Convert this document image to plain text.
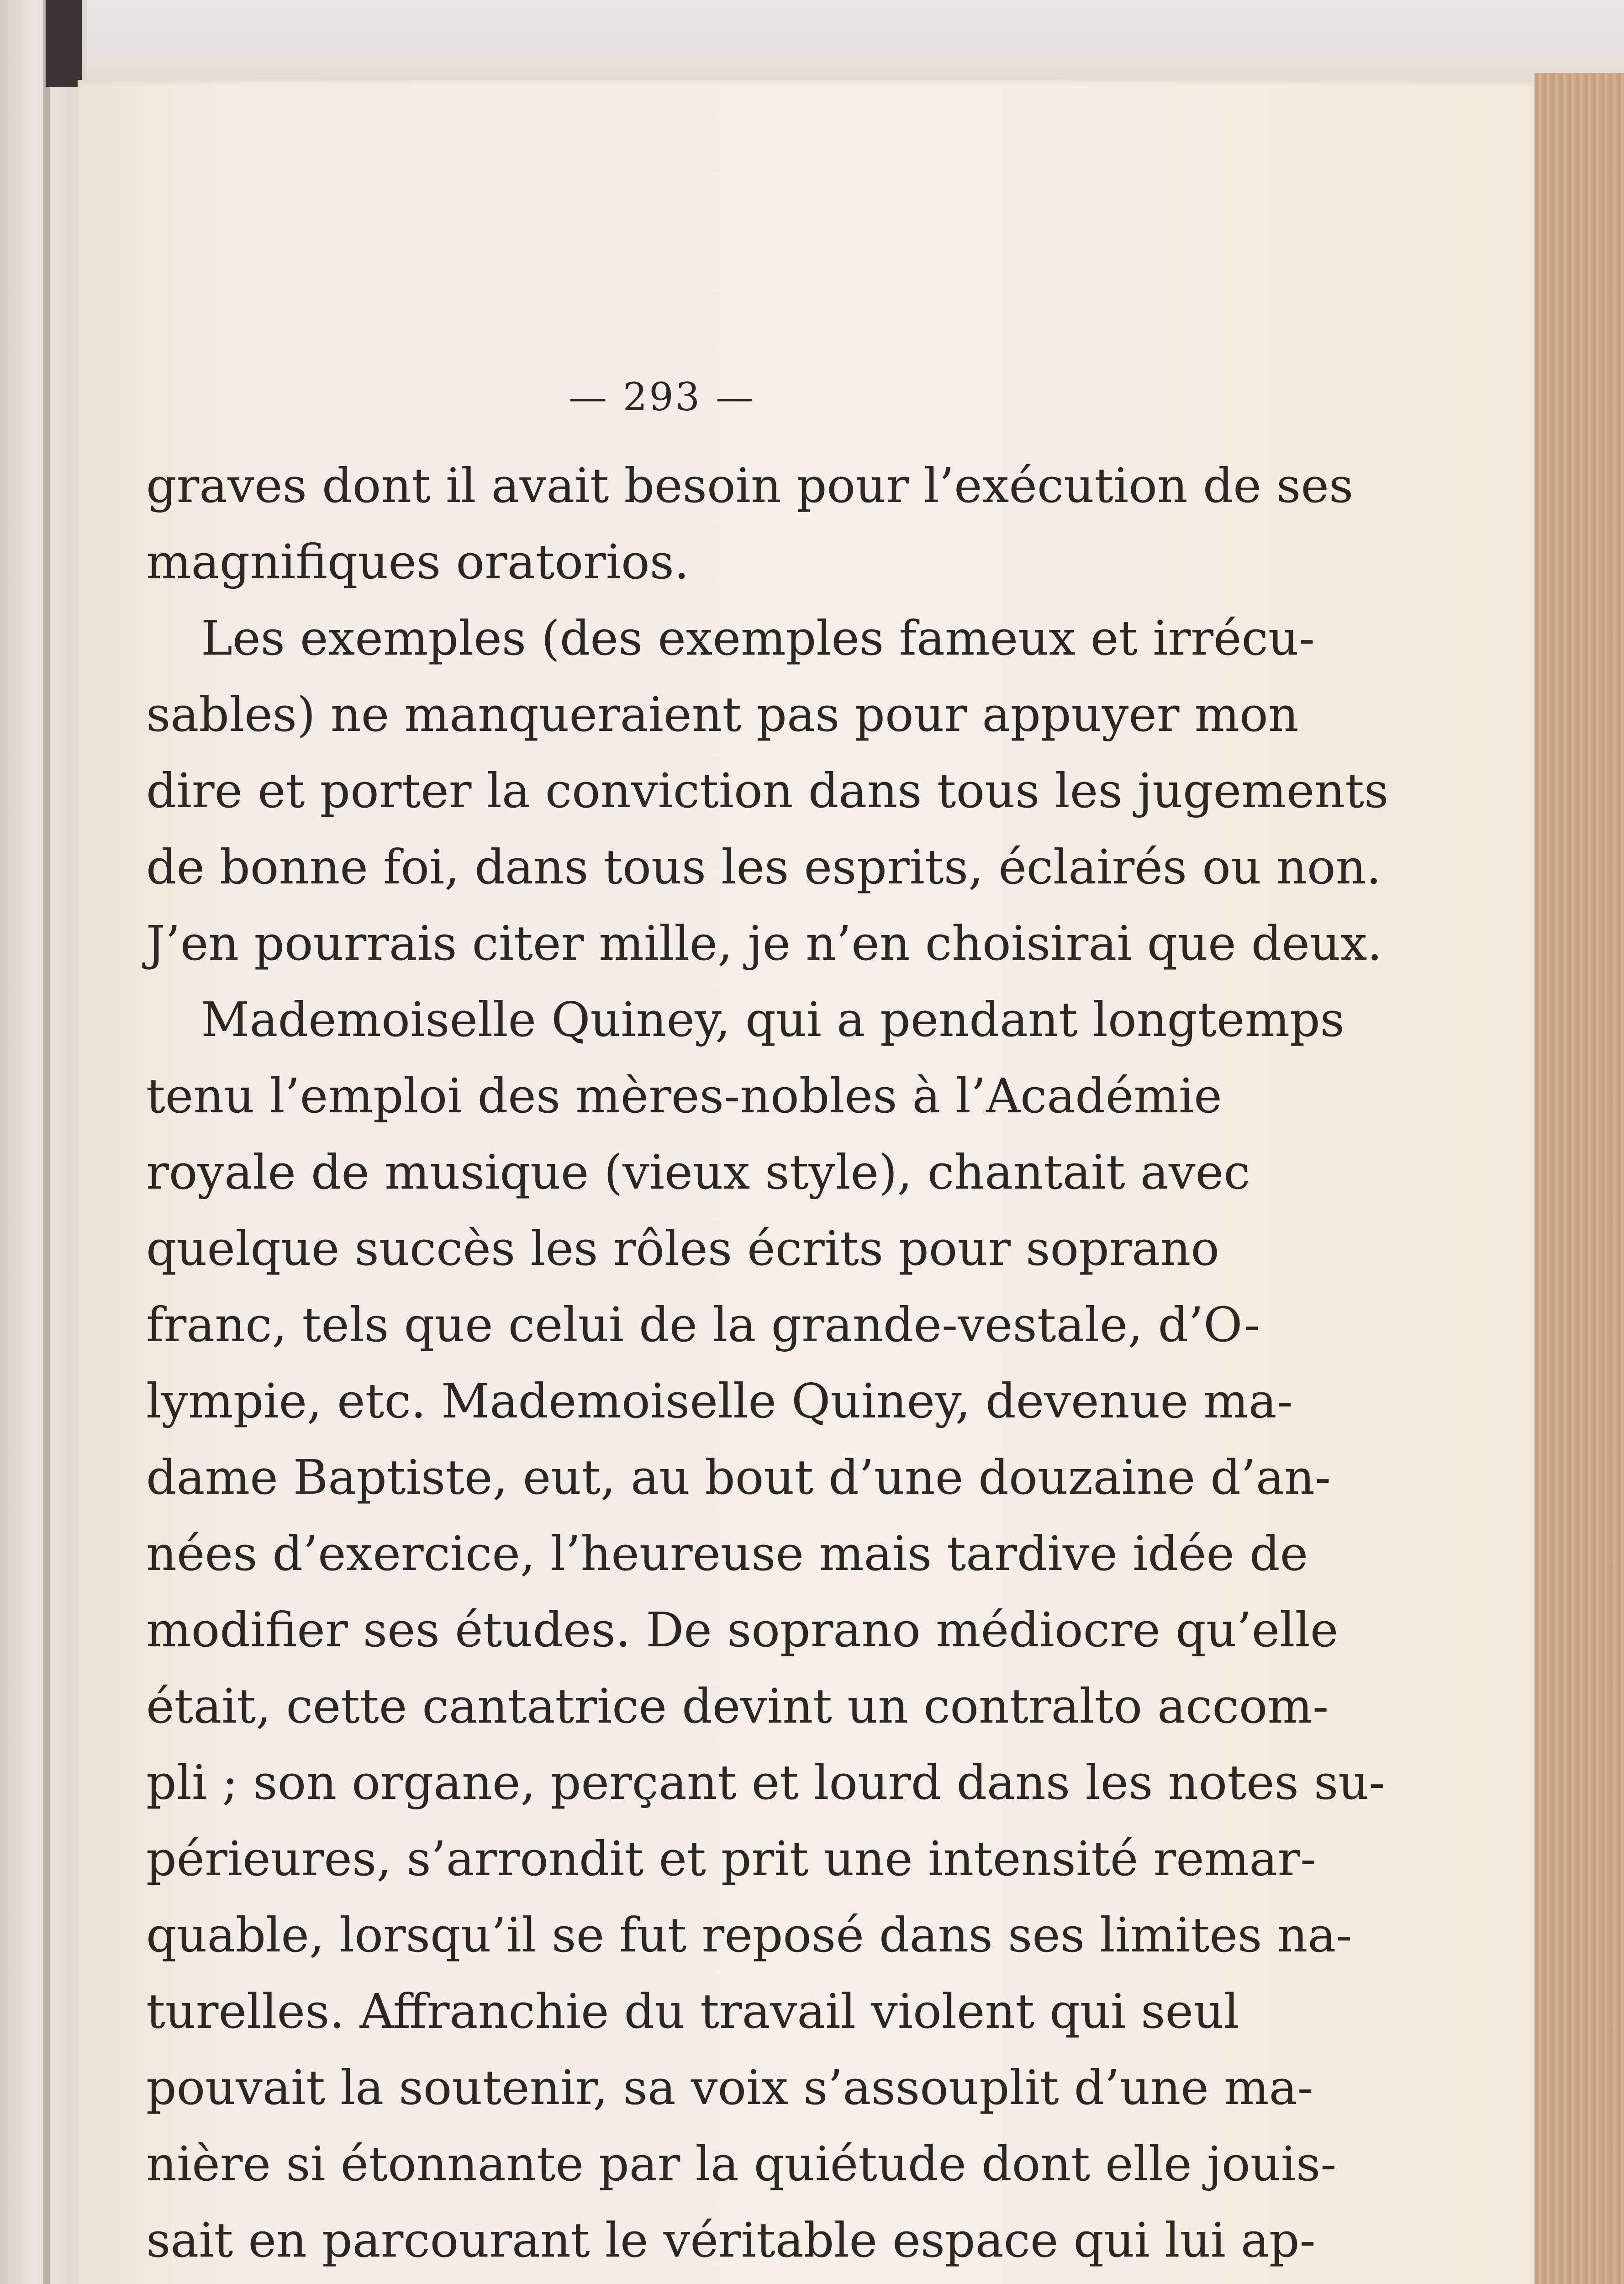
— 293 —
graves dont il avait besoin pour l’exécution de ses
magnifiques oratorios.
Les exemples (des exemples fameux et irrécu-
sables) ne manqueraient pas pour appuyer mon
dire et porter la conviction dans tous les jugements
de bonne foi, dans tous les esprits, éclairés ou non.
J’en pourrais citer mille, je n’en choisirai que deux.
Mademoiselle Quiney, qui a pendant longtemps
tenu l’emploi des mères-nobles à l’Académie
royale de musique (vieux style), chantait avec
quelque succès les rôles écrits pour soprano
franc, tels que celui de la grande-vestale, d’O-
lympie, etc. Mademoiselle Quiney, devenue ma-
dame Baptiste, eut, au bout d’une douzaine d’an-
nées d’exercice, l’heureuse mais tardive idée de
modifier ses études. De soprano médiocre qu’elle
était, cette cantatrice devint un contralto accom-
pli ; son organe, perçant et lourd dans les notes su-
périeures, s’arrondit et prit une intensité remar-
quable, lorsqu’il se fut reposé dans ses limites na-
turelles. Affranchie du travail violent qui seul
pouvait la soutenir, sa voix s’assouplit d’une ma-
nière si étonnante par la quiétude dont elle jouis-
sait en parcourant le véritable espace qui lui ap-
